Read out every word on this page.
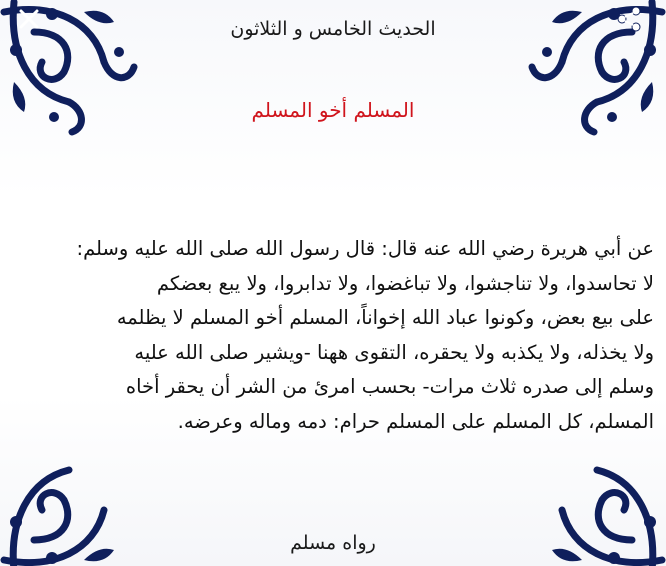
الحديث الخامس و الثلاثون
المسلم أخو المسلم

عن أبي هريرة رضي الله عنه قال: قال رسول الله صلى الله عليه وسلم:

لا تحاسدوا، ولا تناجشوا، ولا تباغضوا، ولا تدابروا، ولا يبع بعضكم

على بيع بعض، وكونوا عباد الله إخواناً، المسلم أخو المسلم لا يظلمه

ولا يخذله، ولا يكذبه ولا يحقره، التقوى ههنا -ويشير صلى الله عليه

وسلم إلى صدره ثلاث مرات- بحسب امرئ من الشر أن يحقر أخاه

المسلم، كل المسلم على المسلم حرام: دمه وماله وعرضه.

رواه مسلم
